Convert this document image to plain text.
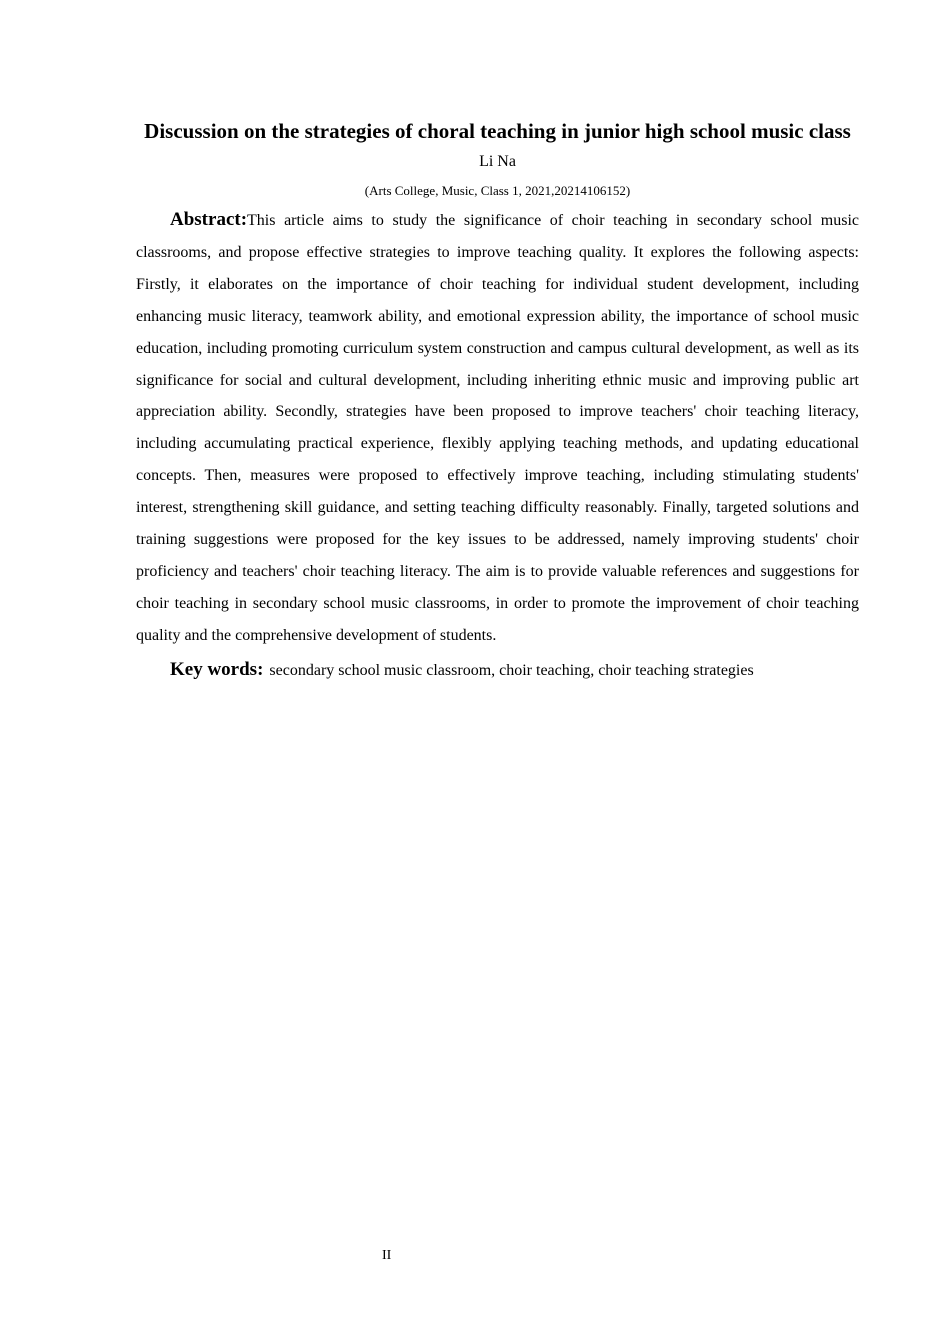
Discussion on the strategies of choral teaching in junior high school music class

Li Na

(Arts College, Music, Class 1, 2021,20214106152)

Abstract:This article aims to study the significance of choir teaching in secondary school music classrooms, and propose effective strategies to improve teaching quality. It explores the following aspects: Firstly, it elaborates on the importance of choir teaching for individual student development, including enhancing music literacy, teamwork ability, and emotional expression ability, the importance of school music education, including promoting curriculum system construction and campus cultural development, as well as its significance for social and cultural development, including inheriting ethnic music and improving public art appreciation ability. Secondly, strategies have been proposed to improve teachers' choir teaching literacy, including accumulating practical experience, flexibly applying teaching methods, and updating educational concepts. Then, measures were proposed to effectively improve teaching, including stimulating students' interest, strengthening skill guidance, and setting teaching difficulty reasonably. Finally, targeted solutions and training suggestions were proposed for the key issues to be addressed, namely improving students' choir proficiency and teachers' choir teaching literacy. The aim is to provide valuable references and suggestions for choir teaching in secondary school music classrooms, in order to promote the improvement of choir teaching quality and the comprehensive development of students.

Key words: secondary school music classroom, choir teaching, choir teaching strategies

II
